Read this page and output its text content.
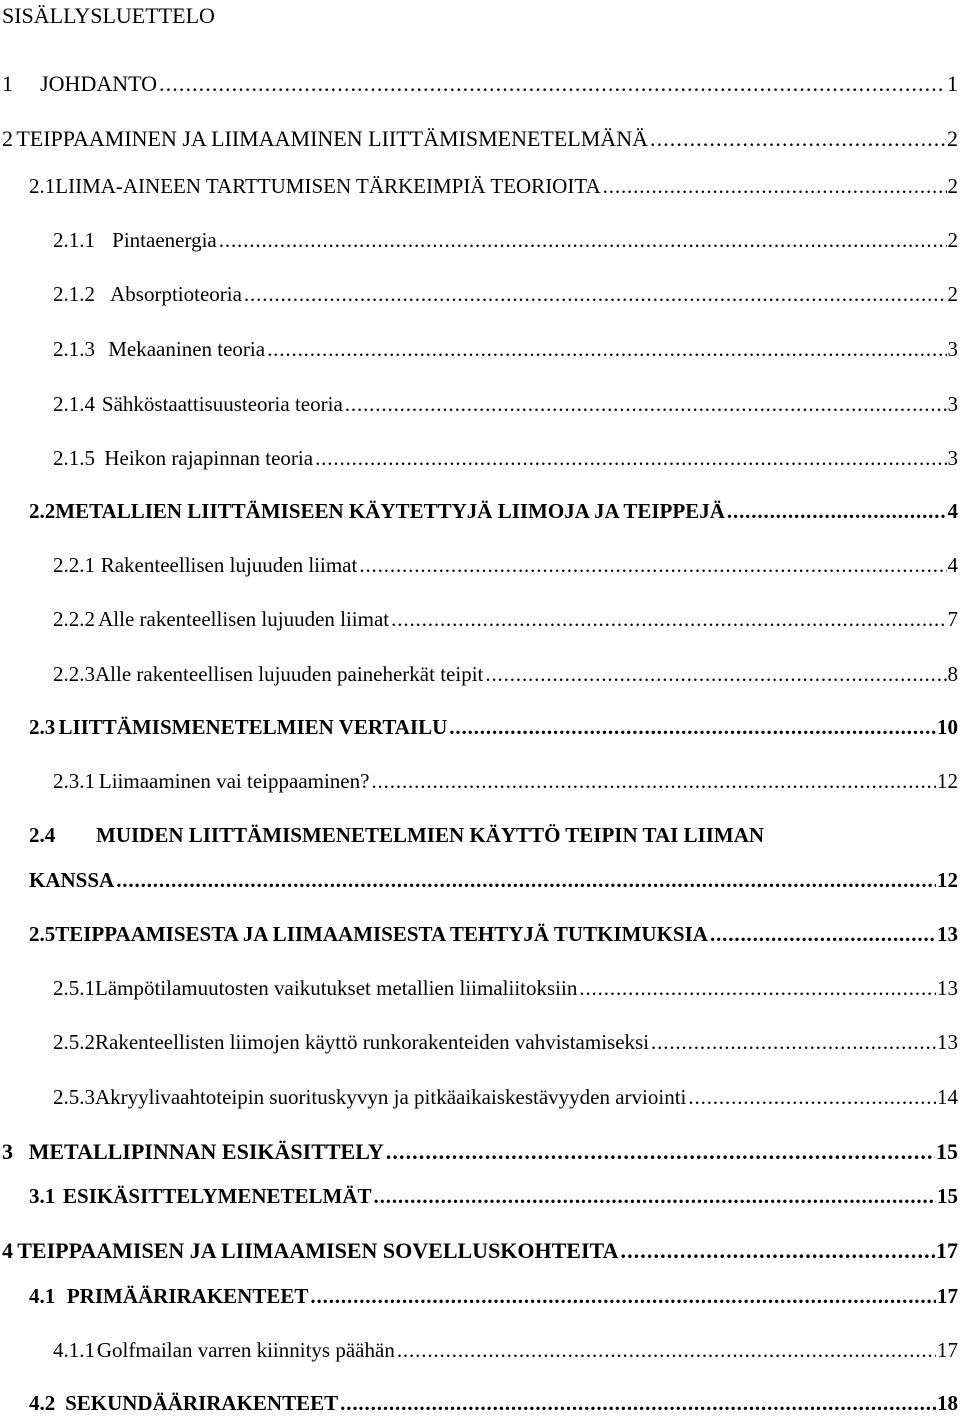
SISÄLLYSLUETTELO
1	JOHDANTO . . .	1
2 TEIPPAAMINEN JA LIIMAAMINEN LIITTÄMISMENETELMÄNÄ . . .	2
2.1 LIIMA-AINEEN TARTTUMISEN TÄRKEIMPIÄ TEORIOITA . . .	2
2.1.1 Pintaenergia . . .	2
2.1.2 Absorptioteoria . . .	2
2.1.3 Mekaaninen teoria . . .	3
2.1.4 Sähköstaattisuusteoria teoria . . .	3
2.1.5 Heikon rajapinnan teoria . . .	3
2.2 METALLIEN LIITTÄMISEEN KÄYTETTYJÄ LIIMOJA JA TEIPPEJÄ . . .	4
2.2.1 Rakenteellisen lujuuden liimat . . .	4
2.2.2 Alle rakenteellisen lujuuden liimat . . .	7
2.2.3 Alle rakenteellisen lujuuden paineherkät teipit . . .	8
2.3 LIITTÄMISMENETELMIEN VERTAILU . . .	10
2.3.1 Liimaaminen vai teippaaminen? . . .	12
2.4	MUIDEN LIITTÄMISMENETELMIEN KÄYTTÖ TEIPIN TAI LIIMAN
KANSSA . . .	12
2.5 TEIPPAAMISESTA JA LIIMAAMISESTA TEHTYJÄ TUTKIMUKSIA . . .	13
2.5.1 Lämpötilamuutosten vaikutukset metallien liimaliitoksiin . . .	13
2.5.2 Rakenteellisten liimojen käyttö runkorakenteiden vahvistamiseksi . . .	13
2.5.3 Akryylivaahtoteipin suorituskyvyn ja pitkäaikaiskestävyyden arviointi . . .	14
3 METALLIPINNAN ESIKÄSITTELY . . .	15
3.1 ESIKÄSITTELYMENETELMÄT . . .	15
4 TEIPPAAMISEN JA LIIMAAMISEN SOVELLUSKOHTEITA . . .	17
4.1 PRIMÄÄRIRAKENTEET . . .	17
4.1.1 Golfmailan varren kiinnitys päähän . . .	17
4.2 SEKUNDÄÄRIRAKENTEET . . .	18
